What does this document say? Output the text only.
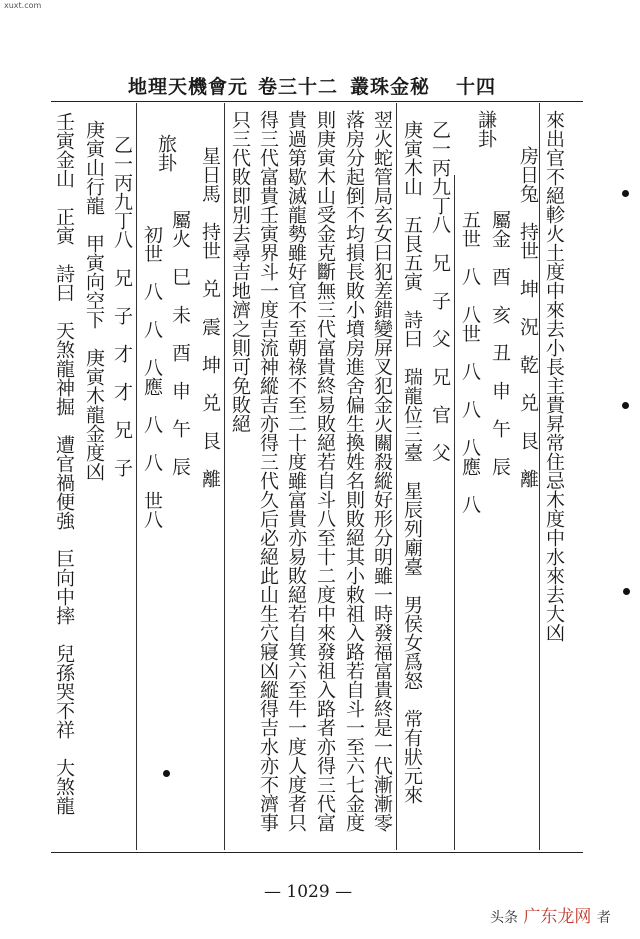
xuxt.com
地理天機會元 卷三十二 叢珠金秘 十四
來出官不絕軫火土度中來去小長主貴昇常住忌木度中水來去大凶
房日兔　持世　坤　況　乾　兑　艮　離
屬金　酉　亥　丑　申　午　辰
謙卦
五世　八　八世　八　八　八應　八
乙一丙九丁八　兄　子　父　兄　官　父
庚寅木山　五艮五寅　詩曰　瑞龍位三臺　星辰列廟臺　男侯女爲怒　常有狀元來
翌火蛇管局玄女曰犯差錯變屏叉犯金火關殺縱好形分明雖一時發福富貴終是一代漸漸零
落房分起倒不均損長敗小墳房進舍偏生換姓名則敗絕其小敕祖入路若自斗一至六七金度
則庚寅木山受金克斷無三代富貴終易敗絕若自斗八至十二度中來發祖入路者亦得三代富
貴過第歇滅龍勢雖好官不至朝祿不至二十度雖富貴亦易敗絕若自箕六至牛一度人度者只
得三代富貴壬寅界斗一度吉流神縱吉亦得三代久后必絕此山生穴寢凶縱得吉水亦不濟事
只三代敗即別去尋吉地濟之則可免敗絕
星日馬　持世　兑　震　坤　兑　艮　離
屬火　巳　未　酉　申　午　辰
旅卦
初世　八　八　八應　八　八　世八
乙一丙九丁八　兄　子　才　才　兄　子
庚寅山行龍　甲寅向空下　庚寅木龍金度凶
壬寅金山　正寅　詩曰　天煞龍神掘　遭官禍便強　巨向中摔　兒孫哭不祥　大煞龍
— 1029 —
头条 广东龙网 者
